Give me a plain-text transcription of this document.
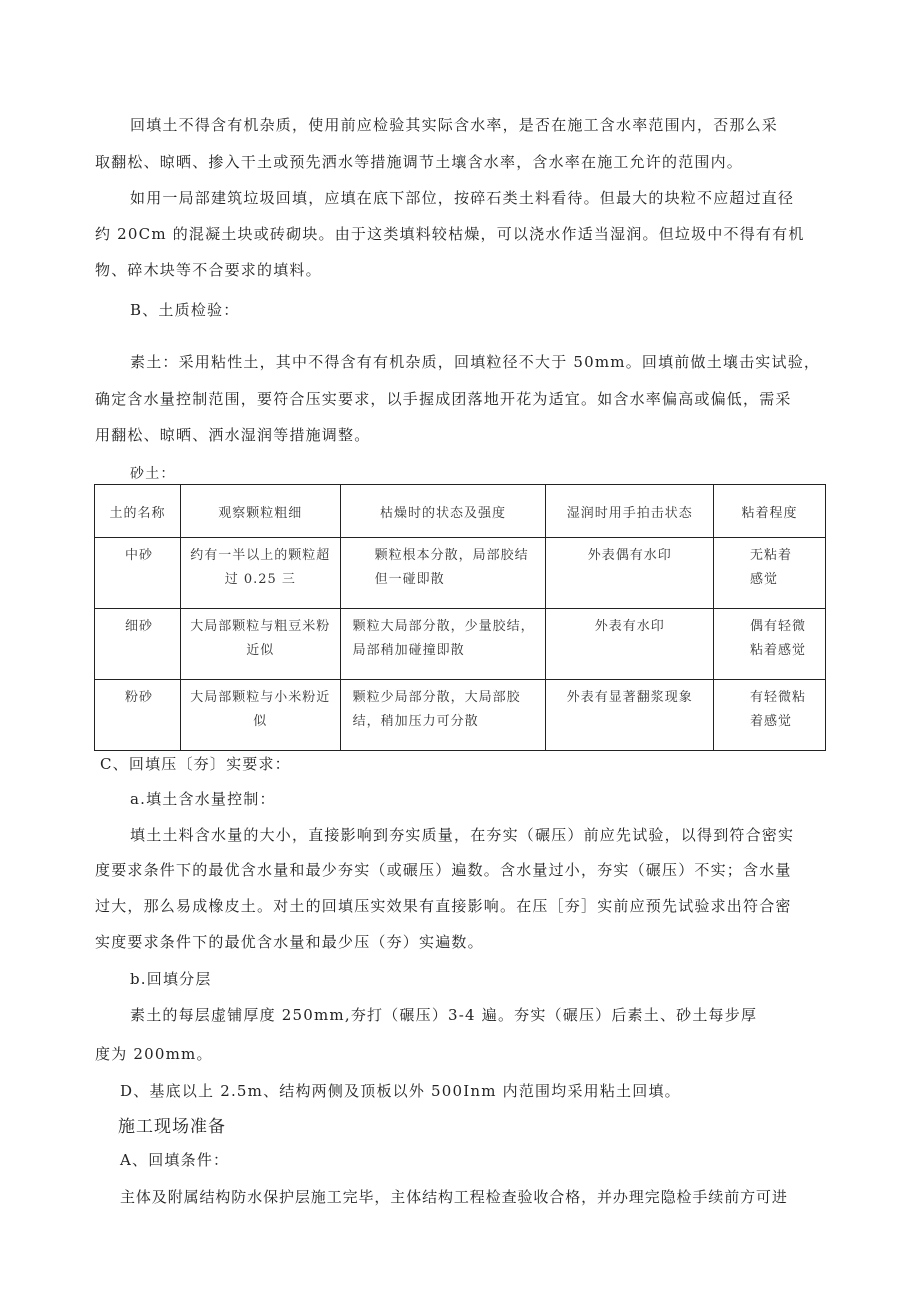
回填土不得含有机杂质，使用前应检验其实际含水率，是否在施工含水率范围内，否那么采
取翻松、晾晒、掺入干土或预先洒水等措施调节土壤含水率，含水率在施工允许的范围内。
如用一局部建筑垃圾回填，应填在底下部位，按碎石类土料看待。但最大的块粒不应超过直径
约 20Cm 的混凝土块或砖砌块。由于这类填料较枯燥，可以浇水作适当湿润。但垃圾中不得有有机
物、碎木块等不合要求的填料。
B、土质检验：
素土：采用粘性土，其中不得含有有机杂质，回填粒径不大于 50mm。回填前做土壤击实试验，
确定含水量控制范围，要符合压实要求，以手握成团落地开花为适宜。如含水率偏高或偏低，需采
用翻松、晾晒、洒水湿润等措施调整。
砂土：
土的名称	观察颗粒粗细	枯燥时的状态及强度	湿润时用手拍击状态	粘着程度

中砂	约有一半以上的颗粒超过 0.25 三	颗粒根本分散，局部胶结但一碰即散	外表偶有水印	无粘着感觉

细砂	大局部颗粒与粗豆米粉近似	颗粒大局部分散，少量胶结，局部稍加碰撞即散	外表有水印	偶有轻微粘着感觉

粉砂	大局部颗粒与小米粉近似	颗粒少局部分散，大局部胶结，稍加压力可分散	外表有显著翻浆现象	有轻微粘着感觉
C、回填压〔夯〕实要求：
a.填土含水量控制：
填土土料含水量的大小，直接影响到夯实质量，在夯实（碾压）前应先试验，以得到符合密实
度要求条件下的最优含水量和最少夯实（或碾压）遍数。含水量过小，夯实（碾压）不实；含水量
过大，那么易成橡皮土。对土的回填压实效果有直接影响。在压［夯］实前应预先试验求出符合密
实度要求条件下的最优含水量和最少压（夯）实遍数。
b.回填分层
素土的每层虚铺厚度 250mm,夯打（碾压）3-4 遍。夯实（碾压）后素土、砂土每步厚
度为 200mm。
D、基底以上 2.5m、结构两侧及顶板以外 500Inm 内范围均采用粘土回填。
施工现场准备
A、回填条件：
主体及附属结构防水保护层施工完毕，主体结构工程检查验收合格，并办理完隐检手续前方可进
